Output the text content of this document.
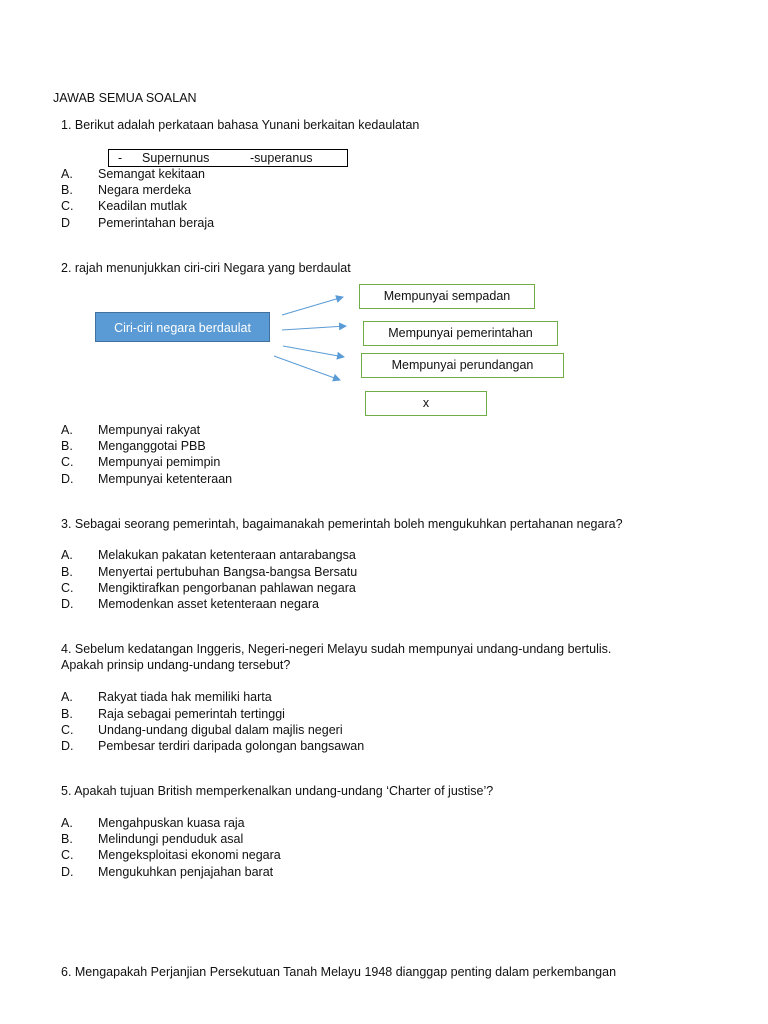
JAWAB SEMUA SOALAN
1. Berikut adalah perkataan bahasa Yunani berkaitan kedaulatan
- Supernunus	-superanus
A. Semangat kekitaan
B. Negara merdeka
C. Keadilan mutlak
D Pemerintahan beraja
2. rajah menunjukkan ciri-ciri Negara yang berdaulat
Ciri-ciri negara berdaulat
Mempunyai sempadan
Mempunyai pemerintahan
Mempunyai perundangan
x
A. Mempunyai rakyat
B. Menganggotai PBB
C. Mempunyai pemimpin
D. Mempunyai ketenteraan
3. Sebagai seorang pemerintah, bagaimanakah pemerintah boleh mengukuhkan pertahanan negara?
A. Melakukan pakatan ketenteraan antarabangsa
B. Menyertai pertubuhan Bangsa-bangsa Bersatu
C. Mengiktirafkan pengorbanan pahlawan negara
D. Memodenkan asset ketenteraan negara
4. Sebelum kedatangan Inggeris, Negeri-negeri Melayu sudah mempunyai undang-undang bertulis.
Apakah prinsip undang-undang tersebut?
A. Rakyat tiada hak memiliki harta
B. Raja sebagai pemerintah tertinggi
C. Undang-undang digubal dalam majlis negeri
D. Pembesar terdiri daripada golongan bangsawan
5. Apakah tujuan British memperkenalkan undang-undang ‘Charter of justise’?
A. Mengahpuskan kuasa raja
B. Melindungi penduduk asal
C. Mengeksploitasi ekonomi negara
D. Mengukuhkan penjajahan barat
6. Mengapakah Perjanjian Persekutuan Tanah Melayu 1948 dianggap penting dalam perkembangan
